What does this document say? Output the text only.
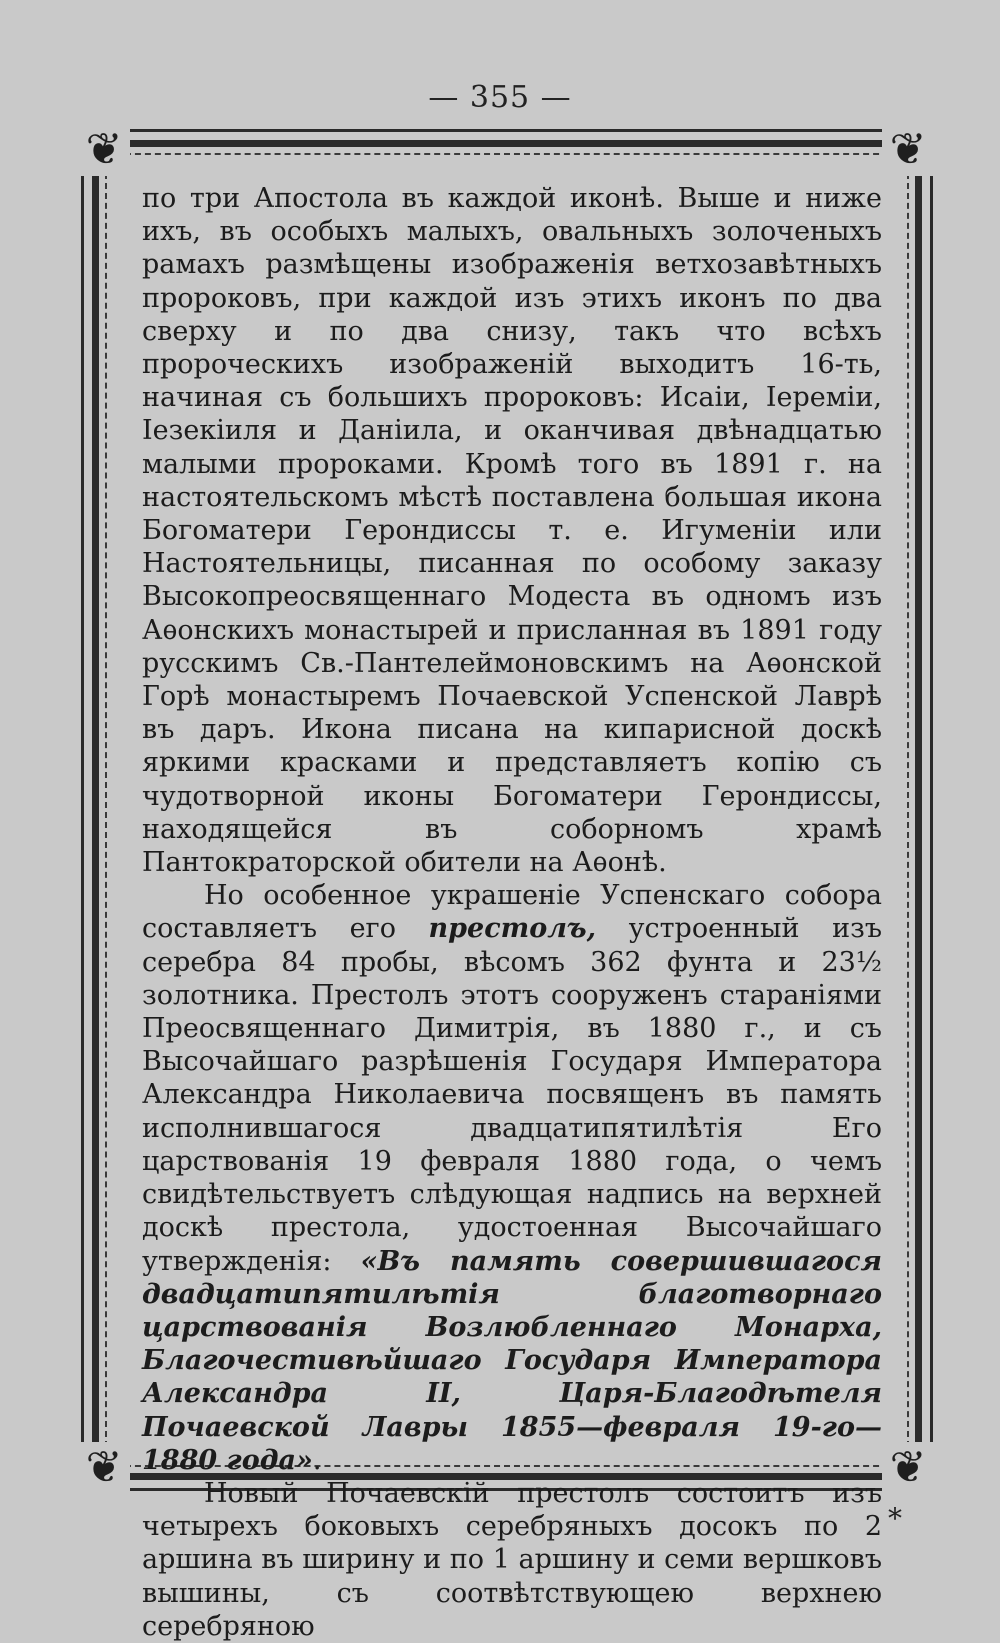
— 355 —
❦	❦
❦	❦

по три Апостола въ каждой иконѣ. Выше и ниже ихъ, въ особыхъ малыхъ, овальныхъ золоченыхъ рамахъ размѣщены изображенія ветхозавѣтныхъ пророковъ, при каждой изъ этихъ иконъ по два сверху и по два снизу, такъ что всѣхъ пророческихъ изображеній выходитъ 16-ть, начиная съ большихъ пророковъ: Исаіи, Іереміи, Іезекіиля и Даніила, и оканчивая двѣнадцатью малыми пророками. Кромѣ того въ 1891 г. на настоятельскомъ мѣстѣ поставлена большая икона Богоматери Герондиссы т. е. Игуменіи или Настоятельницы, писанная по особому заказу Высокопреосвященнаго Модеста въ одномъ изъ Аѳонскихъ монастырей и присланная въ 1891 году русскимъ Св.-Пантелеймоновскимъ на Аѳонской Горѣ монастыремъ Почаевской Успенской Лаврѣ въ даръ. Икона писана на кипарисной доскѣ яркими красками и представляетъ копію съ чудотворной иконы Богоматери Герондиссы, находящейся въ соборномъ храмѣ Пантократорской обители на Аѳонѣ.

Но особенное украшеніе Успенскаго собора составляетъ его престолъ, устроенный изъ серебра 84 пробы, вѣсомъ 362 фунта и 23½ золотника. Престолъ этотъ сооруженъ стараніями Преосвященнаго Димитрія, въ 1880 г., и съ Высочайшаго разрѣшенія Государя Императора Александра Николаевича посвященъ въ память исполнившагося двадцатипятилѣтія Его царствованія 19 февраля 1880 года, о чемъ свидѣтельствуетъ слѣдующая надпись на верхней доскѣ престола, удостоенная Высочайшаго утвержденія: «Въ память совершившагося двадцатипятилѣтія благотворнаго царствованія Возлюбленнаго Монарха, Благочестивѣйшаго Государя Императора Александра II, Царя-Благодѣтеля Почаевской Лавры 1855—февраля 19-го—1880 года».

Новый Почаевскій престолъ состоитъ изъ четырехъ боковыхъ серебряныхъ досокъ по 2 аршина въ ширину и по 1 аршину и семи вершковъ вышины, съ соотвѣтствующею верхнею серебряною

*
